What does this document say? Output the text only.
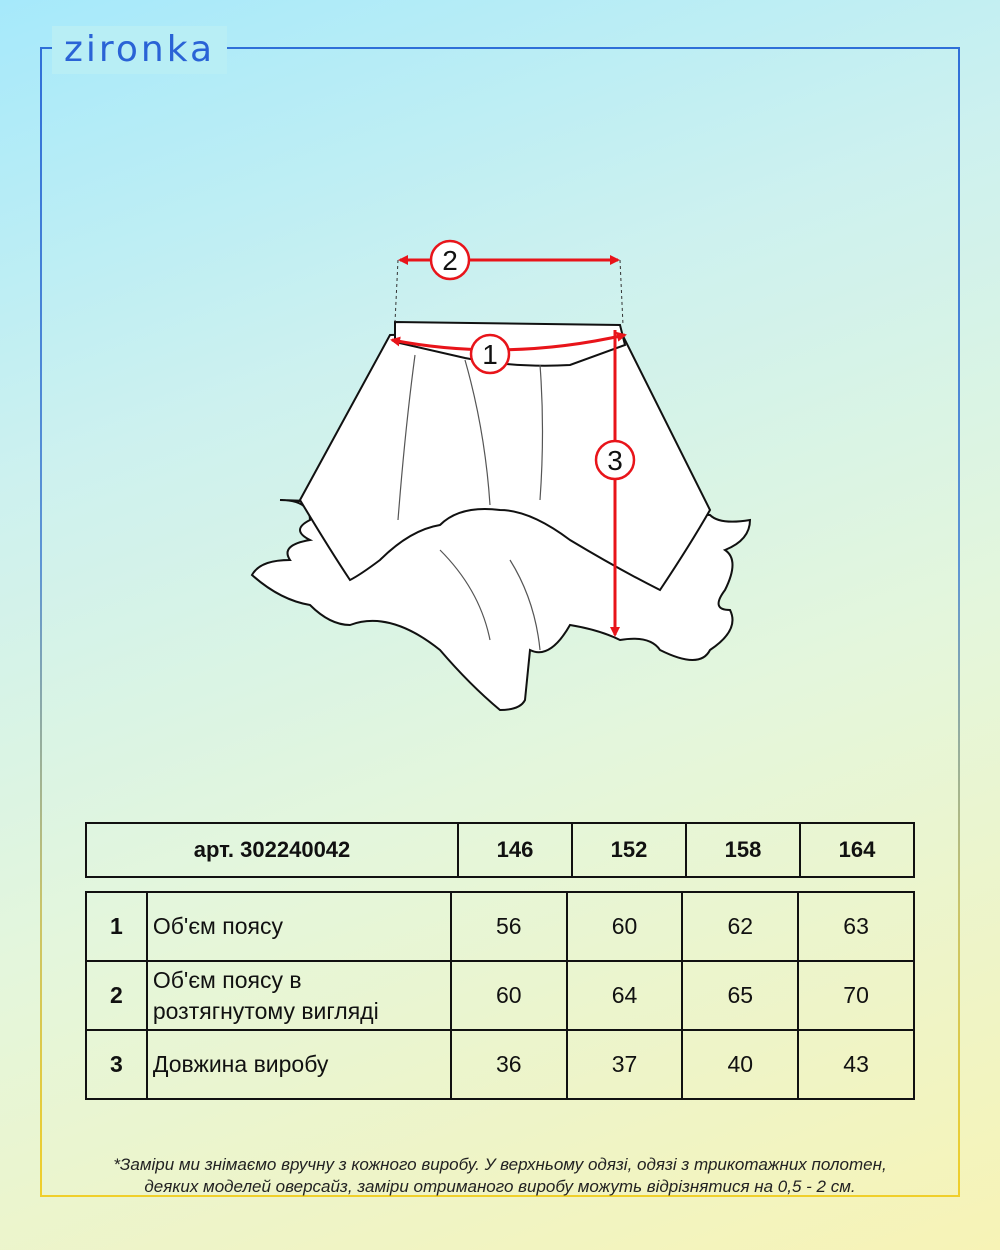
zironka
2
1
3
арт. 302240042	146	152	158	164
1	Об'єм поясу	56	60	62	63
2	Об'єм поясу в розтягнутому вигляді	60	64	65	70
3	Довжина виробу	36	37	40	43
*Заміри ми знімаємо вручну з кожного виробу. У верхньому одязі, одязі з трикотажних полотен,
деяких моделей оверсайз, заміри отриманого виробу можуть відрізнятися на 0,5 - 2 см.
